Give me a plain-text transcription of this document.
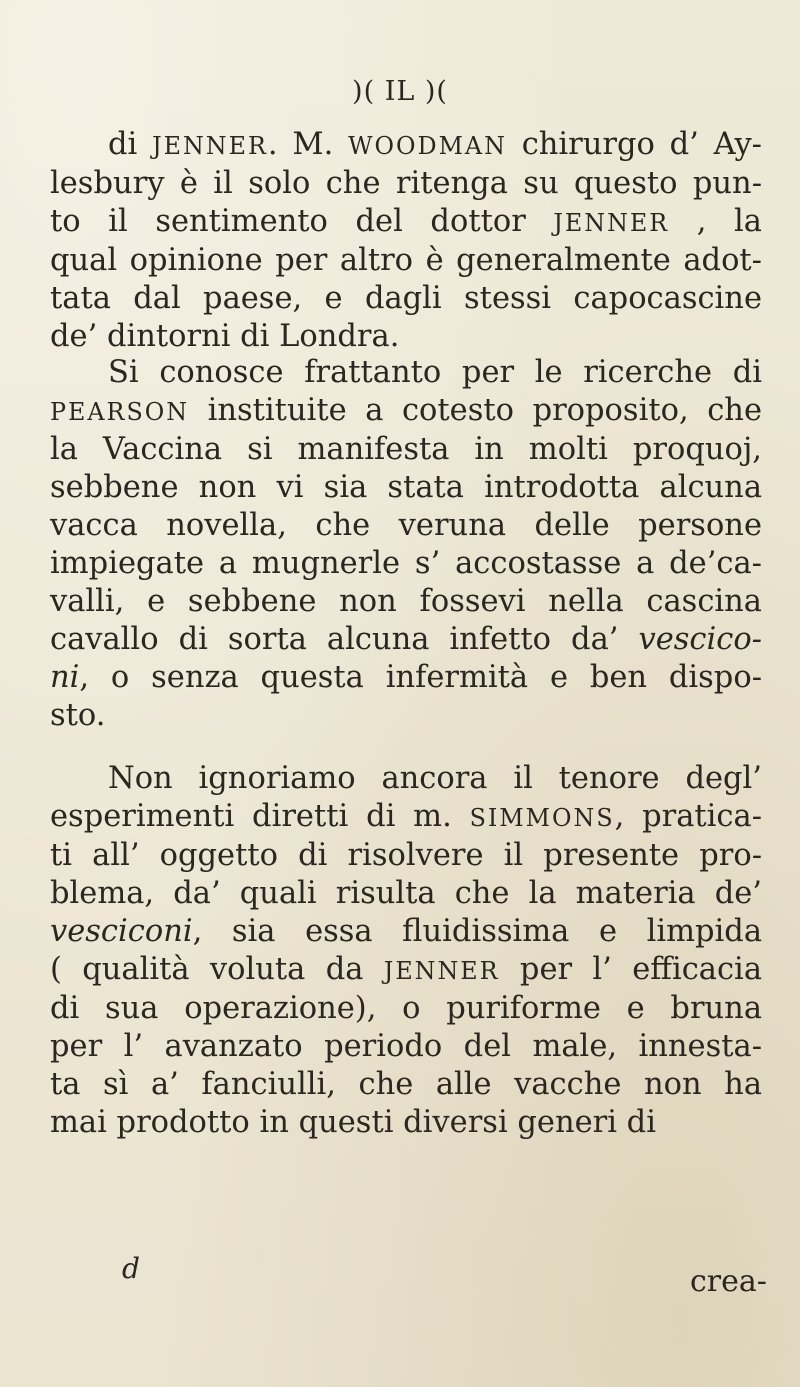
)( IL )(
di JENNER. M. WOODMAN chirurgo d’ Ay-
lesbury è il solo che ritenga su questo pun-
to il sentimento del dottor JENNER , la
qual opinione per altro è generalmente adot-
tata dal paese, e dagli stessi capocascine
de’ dintorni di Londra.
Si conosce frattanto per le ricerche di
PEARSON instituite a cotesto proposito, che
la Vaccina si manifesta in molti proquoj,
sebbene non vi sia stata introdotta alcuna
vacca novella, che veruna delle persone
impiegate a mugnerle s’ accostasse a de’ca-
valli, e sebbene non fossevi nella cascina
cavallo di sorta alcuna infetto da’ vescico-
ni, o senza questa infermità e ben dispo-
sto.
Non ignoriamo ancora il tenore degl’
esperimenti diretti di m. SIMMONS, pratica-
ti all’ oggetto di risolvere il presente pro-
blema, da’ quali risulta che la materia de’
vesciconi, sia essa fluidissima e limpida
( qualità voluta da JENNER per l’ efficacia
di sua operazione), o puriforme e bruna
per l’ avanzato periodo del male, innesta-
ta sì a’ fanciulli, che alle vacche non ha
mai prodotto in questi diversi generi di
d	crea-
